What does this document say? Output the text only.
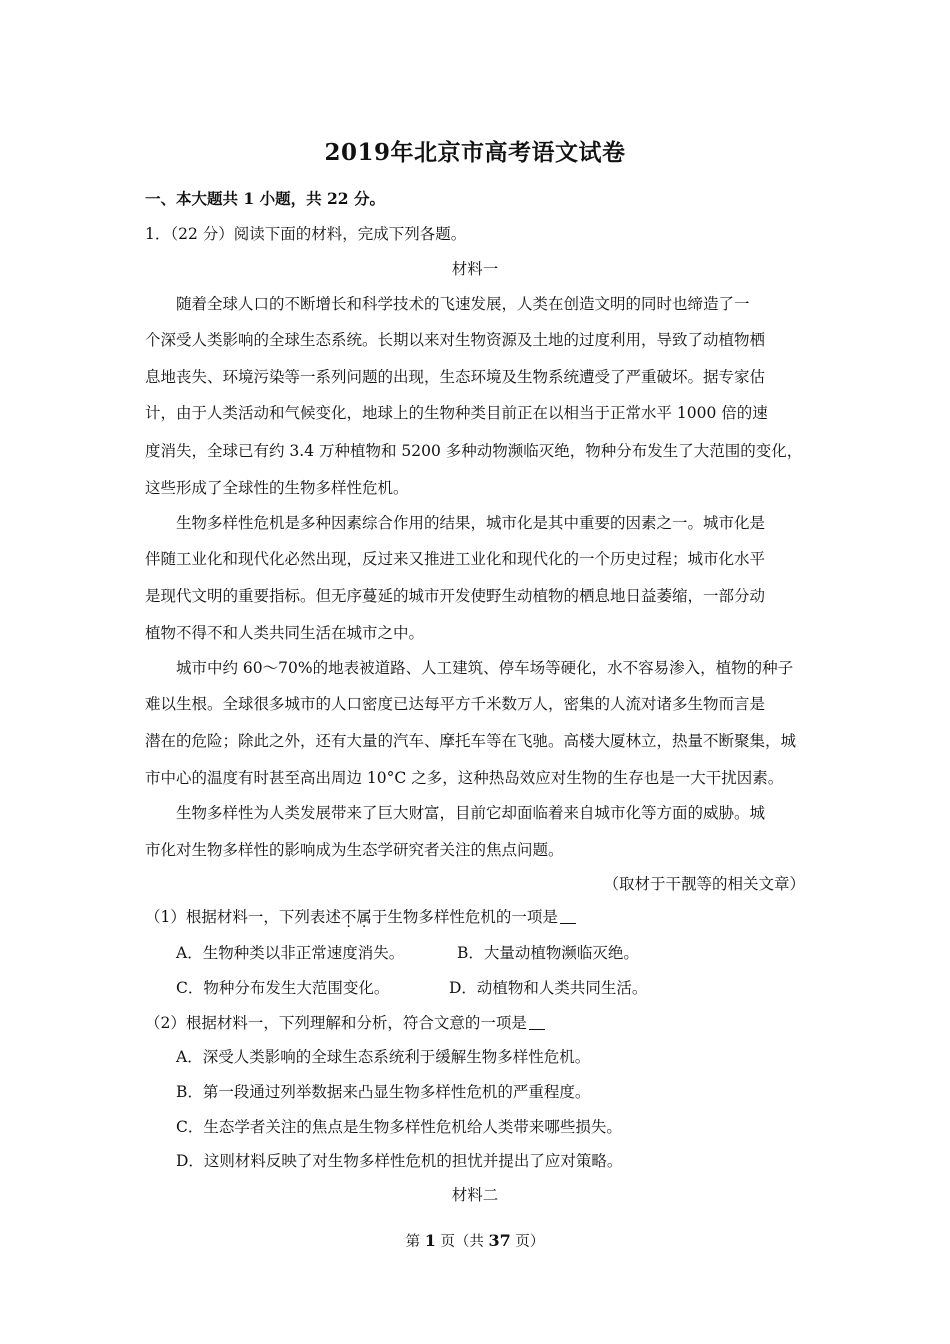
2019年北京市高考语文试卷
一、本大题共 1 小题，共 22 分。
1．（22 分）阅读下面的材料，完成下列各题。
材料一
随着全球人口的不断增长和科学技术的飞速发展，人类在创造文明的同时也缔造了一
个深受人类影响的全球生态系统。长期以来对生物资源及土地的过度利用，导致了动植物栖
息地丧失、环境污染等一系列问题的出现，生态环境及生物系统遭受了严重破坏。据专家估
计，由于人类活动和气候变化，地球上的生物种类目前正在以相当于正常水平 1000 倍的速
度消失，全球已有约 3.4 万种植物和 5200 多种动物濒临灭绝，物种分布发生了大范围的变化，
这些形成了全球性的生物多样性危机。
生物多样性危机是多种因素综合作用的结果，城市化是其中重要的因素之一。城市化是
伴随工业化和现代化必然出现，反过来又推进工业化和现代化的一个历史过程；城市化水平
是现代文明的重要指标。但无序蔓延的城市开发使野生动植物的栖息地日益萎缩，一部分动
植物不得不和人类共同生活在城市之中。
城市中约 60～70%的地表被道路、人工建筑、停车场等硬化，水不容易渗入，植物的种子
难以生根。全球很多城市的人口密度已达每平方千米数万人，密集的人流对诸多生物而言是
潜在的危险；除此之外，还有大量的汽车、摩托车等在飞驰。高楼大厦林立，热量不断聚集，城
市中心的温度有时甚至高出周边 10°C 之多，这种热岛效应对生物的生存也是一大干扰因素。
生物多样性为人类发展带来了巨大财富，目前它却面临着来自城市化等方面的威胁。城
市化对生物多样性的影响成为生态学研究者关注的焦点问题。
（取材于干靓等的相关文章）
（1）根据材料一，下列表述不属于生物多样性危机的一项是
A．生物种类以非正常速度消失。	B．大量动植物濒临灭绝。
C．物种分布发生大范围变化。	D．动植物和人类共同生活。
（2）根据材料一，下列理解和分析，符合文意的一项是
A．深受人类影响的全球生态系统利于缓解生物多样性危机。
B．第一段通过列举数据来凸显生物多样性危机的严重程度。
C．生态学者关注的焦点是生物多样性危机给人类带来哪些损失。
D．这则材料反映了对生物多样性危机的担忧并提出了应对策略。
材料二
第 1 页（共 37 页）
